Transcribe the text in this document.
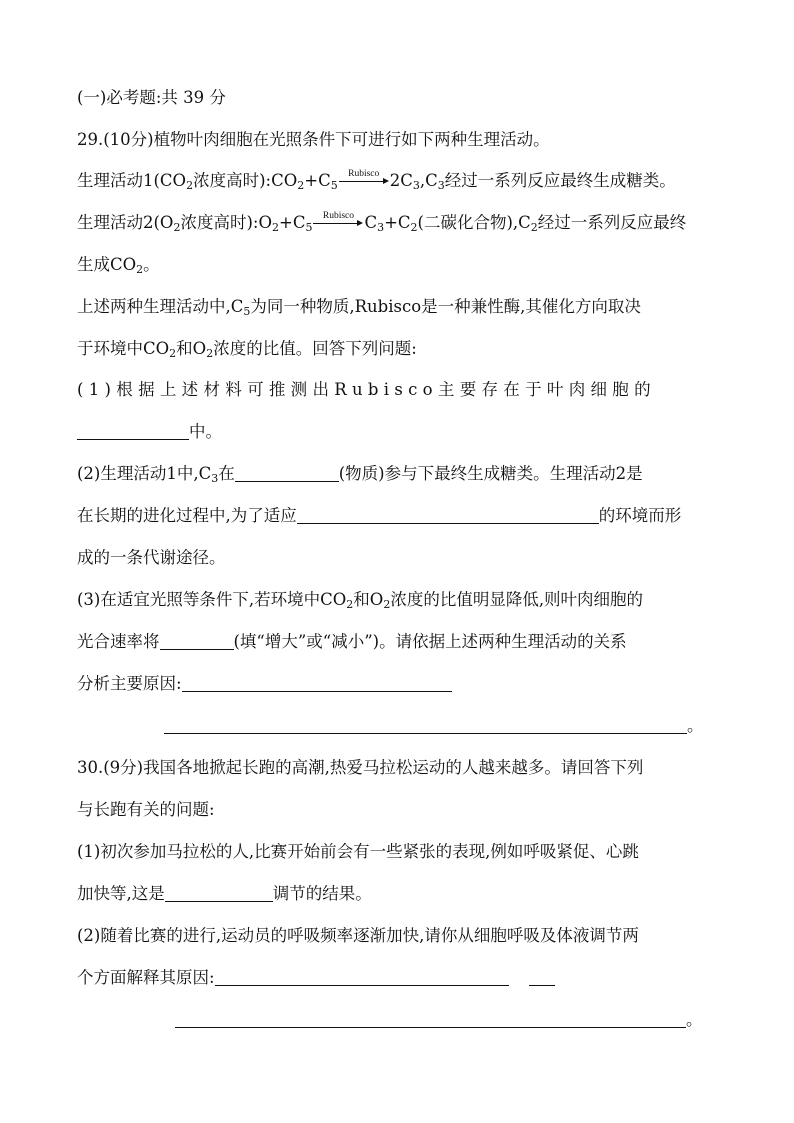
(一)必考题:共 39 分
29.(10分)植物叶肉细胞在光照条件下可进行如下两种生理活动。
生理活动$1(CO_2$浓度高时)$:CO_2+C_5$
Rubisco $2C_3,C_3$经过一系列反应最终生成糖类。
生理活动$2(O_2$浓度高时)$:O_2+C_5$
Rubisco $C_3+C_2$(二碳化合物)$,C_2$经过一系列反应最终
生成$CO_2$。
上述两种生理活动中$,C_5$为同一种物质,Rubisco是一种兼性酶,其催化方向取决
于环境中$CO_2$和$O_2$浓度的比值。回答下列问题:
(1)根据上述材料可推测出Rubisco主要存在于叶肉细胞的
中。
(2)生理活动1中$,C_3$在	(物质)参与下最终生成糖类。生理活动2是
在长期的进化过程中,为了适应	的环境而形
成的一条代谢途径。
(3)在适宜光照等条件下,若环境中$CO_2$和$O_2$浓度的比值明显降低,则叶肉细胞的
光合速率将	(填“增大”或“减小”)。请依据上述两种生理活动的关系
分析主要原因:
。
30.(9分)我国各地掀起长跑的高潮,热爱马拉松运动的人越来越多。请回答下列
与长跑有关的问题:
(1)初次参加马拉松的人,比赛开始前会有一些紧张的表现,例如呼吸紧促、心跳
加快等,这是	调节的结果。
(2)随着比赛的进行,运动员的呼吸频率逐渐加快,请你从细胞呼吸及体液调节两
个方面解释其原因:
。
